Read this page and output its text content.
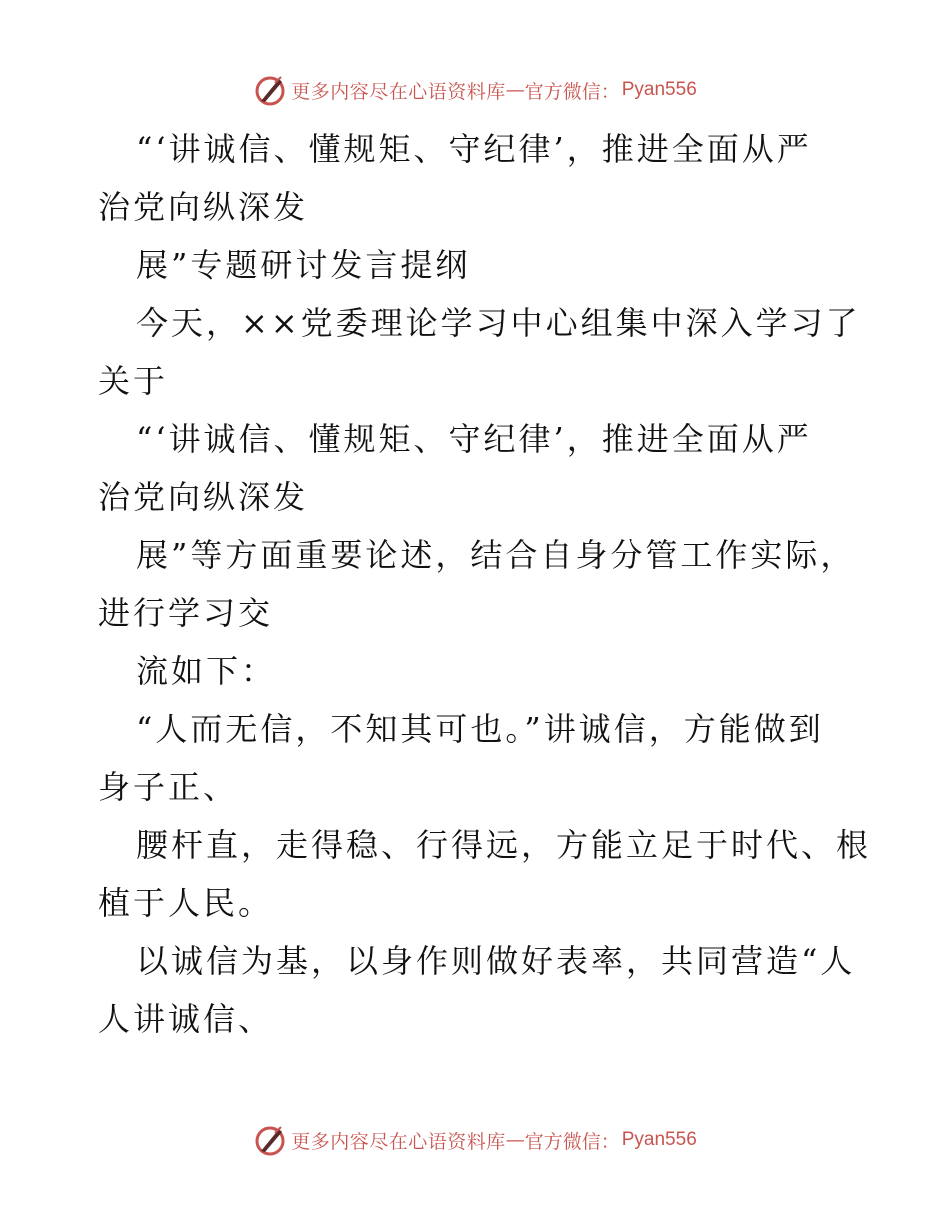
更多内容尽在心语资料库 — 官方微信： Pyan556
“‘讲诚信、懂规矩、守纪律’，推进全面从严
治党向纵深发
展”专题研讨发言提纲
今天，××党委理论学习中心组集中深入学习了
关于
“‘讲诚信、懂规矩、守纪律’，推进全面从严
治党向纵深发
展”等方面重要论述，结合自身分管工作实际，
进行学习交
流如下：
“人而无信，不知其可也。”讲诚信，方能做到
身子正、
腰杆直，走得稳、行得远，方能立足于时代、根
植于人民。
以诚信为基，以身作则做好表率，共同营造“人
人讲诚信、
更多内容尽在心语资料库 — 官方微信： Pyan556
